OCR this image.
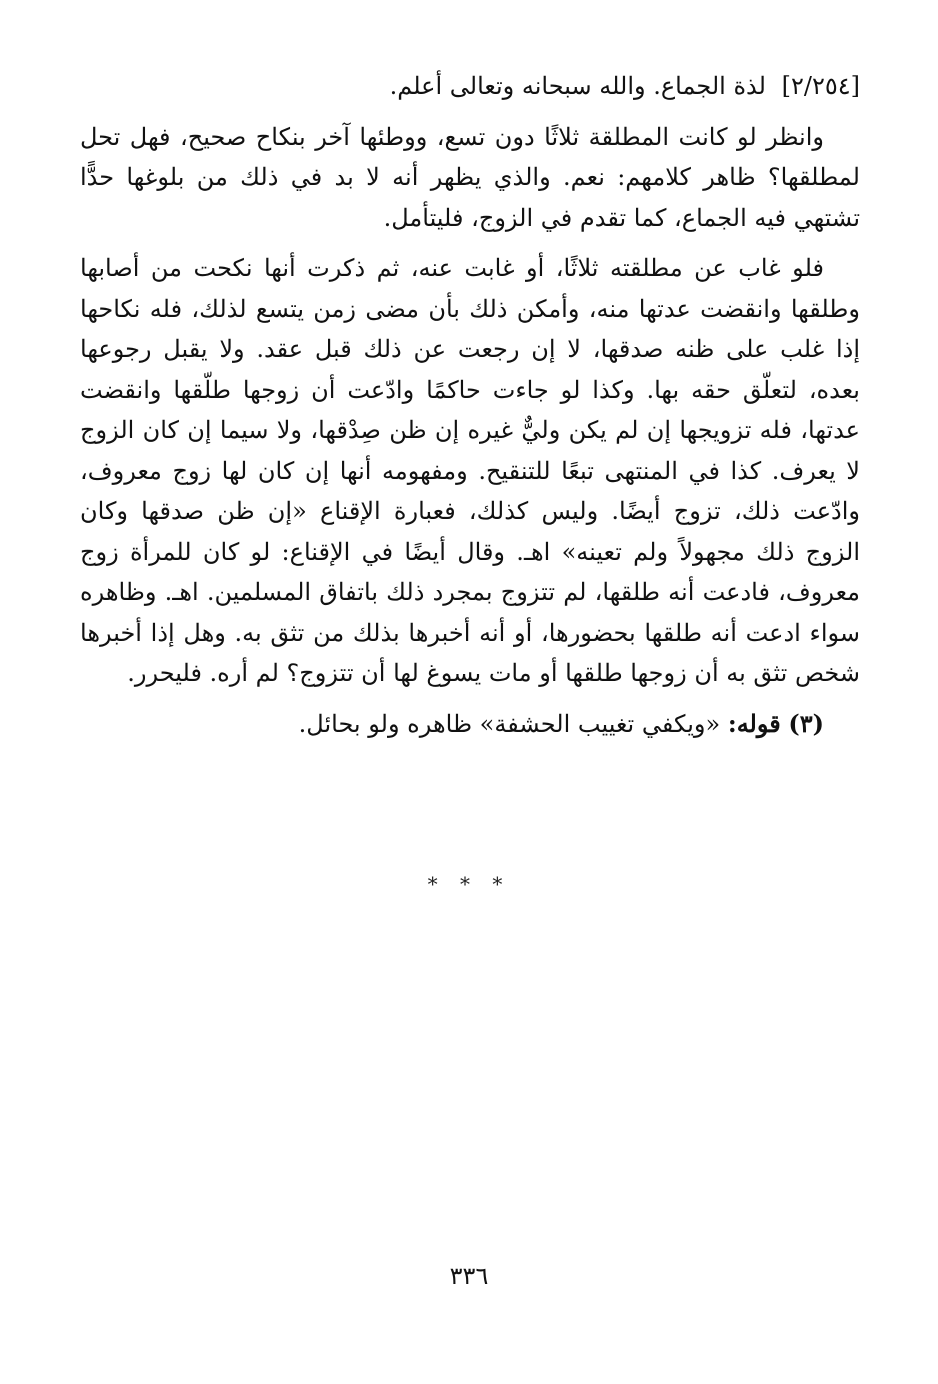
[٢/٢٥٤] لذة الجماع. والله سبحانه وتعالى أعلم.

وانظر لو كانت المطلقة ثلاثًا دون تسع، ووطئها آخر بنكاح صحيح، فهل تحل لمطلقها؟ ظاهر كلامهم: نعم. والذي يظهر أنه لا بد في ذلك من بلوغها حدًّا تشتهي فيه الجماع، كما تقدم في الزوج، فليتأمل.

فلو غاب عن مطلقته ثلاثًا، أو غابت عنه، ثم ذكرت أنها نكحت من أصابها وطلقها وانقضت عدتها منه، وأمكن ذلك بأن مضى زمن يتسع لذلك، فله نكاحها إذا غلب على ظنه صدقها، لا إن رجعت عن ذلك قبل عقد. ولا يقبل رجوعها بعده، لتعلّق حقه بها. وكذا لو جاءت حاكمًا وادّعت أن زوجها طلّقها وانقضت عدتها، فله تزويجها إن لم يكن وليٌّ غيره إن ظن صِدْقها، ولا سيما إن كان الزوج لا يعرف. كذا في المنتهى تبعًا للتنقيح. ومفهومه أنها إن كان لها زوج معروف، وادّعت ذلك، تزوج أيضًا. وليس كذلك، فعبارة الإقناع «إن ظن صدقها وكان الزوج ذلك مجهولاً ولم تعينه» اهـ. وقال أيضًا في الإقناع: لو كان للمرأة زوج معروف، فادعت أنه طلقها، لم تتزوج بمجرد ذلك باتفاق المسلمين. اهـ. وظاهره سواء ادعت أنه طلقها بحضورها، أو أنه أخبرها بذلك من تثق به. وهل إذا أخبرها شخص تثق به أن زوجها طلقها أو مات يسوغ لها أن تتزوج؟ لم أره. فليحرر.

(٣) قوله: «ويكفي تغييب الحشفة» ظاهره ولو بحائل.

* * *
٣٣٦
